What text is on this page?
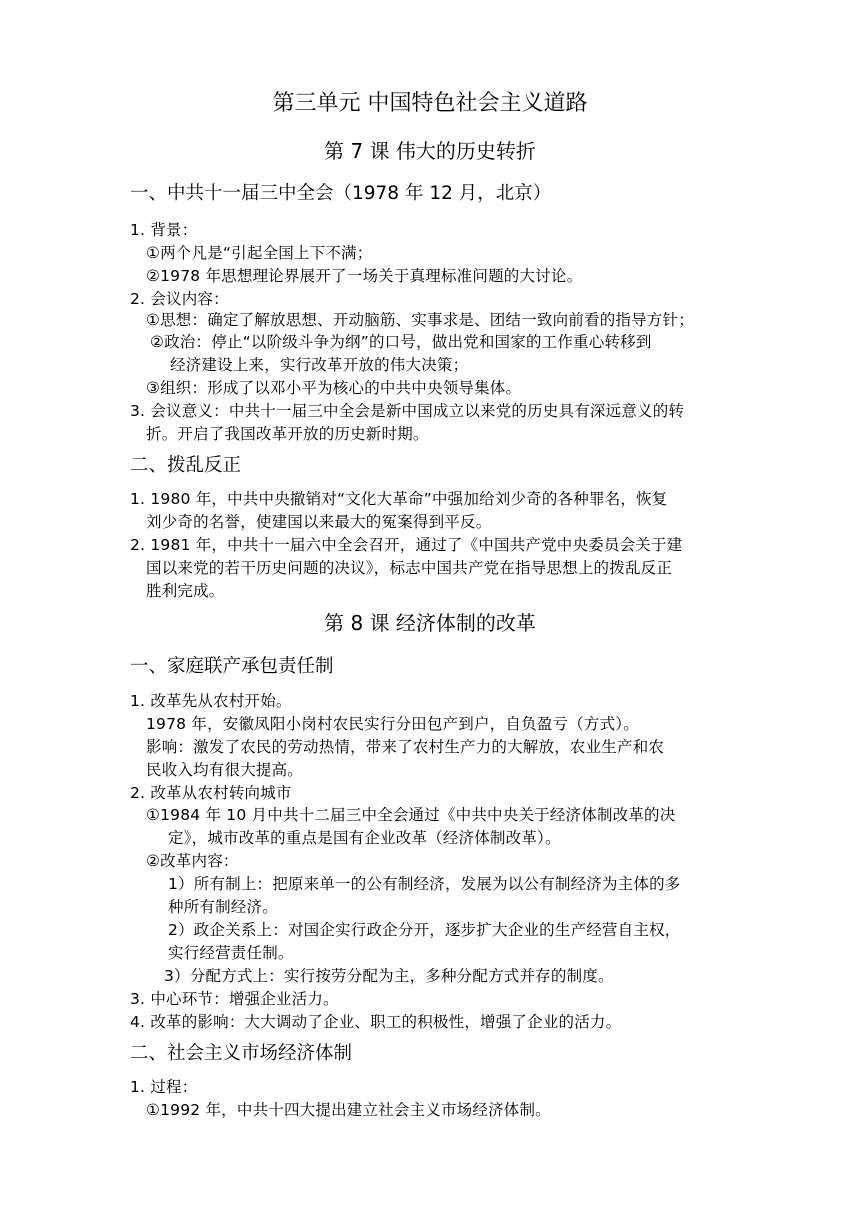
第三单元 中国特色社会主义道路
第 7 课 伟大的历史转折
一、中共十一届三中全会（1978 年 12 月，北京）
1. 背景：
①两个凡是“引起全国上下不满；
②1978 年思想理论界展开了一场关于真理标准问题的大讨论。
2. 会议内容：
①思想：确定了解放思想、开动脑筋、实事求是、团结一致向前看的指导方针；
②政治：停止“以阶级斗争为纲”的口号，做出党和国家的工作重心转移到
经济建设上来，实行改革开放的伟大决策；
③组织：形成了以邓小平为核心的中共中央领导集体。
3. 会议意义：中共十一届三中全会是新中国成立以来党的历史具有深远意义的转
折。开启了我国改革开放的历史新时期。
二、拨乱反正
1. 1980 年，中共中央撤销对“文化大革命”中强加给刘少奇的各种罪名，恢复
刘少奇的名誉，使建国以来最大的冤案得到平反。
2. 1981 年，中共十一届六中全会召开，通过了《中国共产党中央委员会关于建
国以来党的若干历史问题的决议》，标志中国共产党在指导思想上的拨乱反正
胜利完成。
第 8 课 经济体制的改革
一、家庭联产承包责任制
1. 改革先从农村开始。
1978 年，安徽凤阳小岗村农民实行分田包产到户，自负盈亏（方式）。
影响：激发了农民的劳动热情，带来了农村生产力的大解放，农业生产和农
民收入均有很大提高。
2. 改革从农村转向城市
①1984 年 10 月中共十二届三中全会通过《中共中央关于经济体制改革的决
定》，城市改革的重点是国有企业改革（经济体制改革）。
②改革内容：
1）所有制上：把原来单一的公有制经济，发展为以公有制经济为主体的多
种所有制经济。
2）政企关系上：对国企实行政企分开，逐步扩大企业的生产经营自主权，
实行经营责任制。
3）分配方式上：实行按劳分配为主，多种分配方式并存的制度。
3. 中心环节：增强企业活力。
4. 改革的影响：大大调动了企业、职工的积极性，增强了企业的活力。
二、社会主义市场经济体制
1. 过程：
①1992 年，中共十四大提出建立社会主义市场经济体制。
